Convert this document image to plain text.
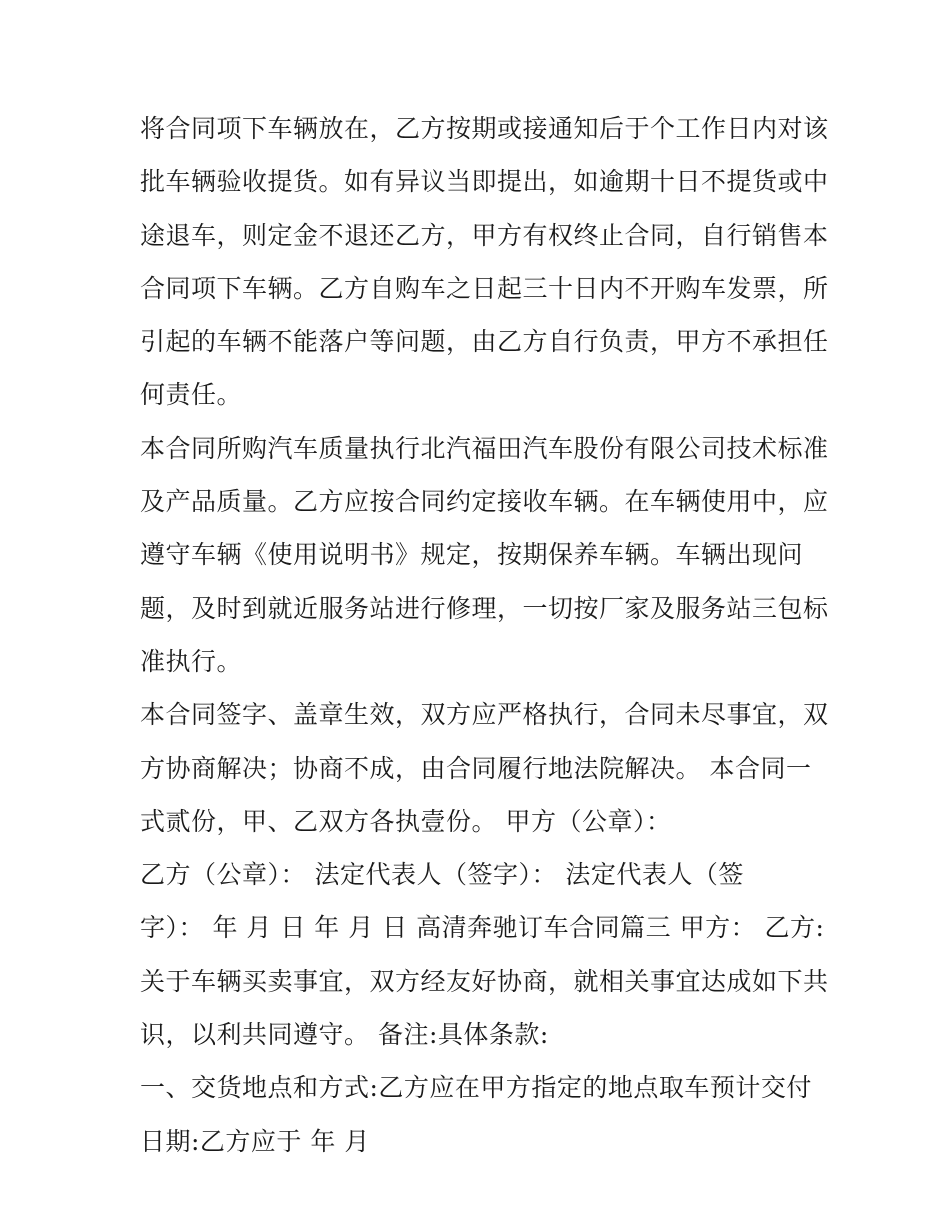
将合同项下车辆放在，乙方按期或接通知后于个工作日内对该
批车辆验收提货。如有异议当即提出，如逾期十日不提货或中
途退车，则定金不退还乙方，甲方有权终止合同，自行销售本
合同项下车辆。乙方自购车之日起三十日内不开购车发票，所
引起的车辆不能落户等问题，由乙方自行负责，甲方不承担任
何责任。
本合同所购汽车质量执行北汽福田汽车股份有限公司技术标准
及产品质量。乙方应按合同约定接收车辆。在车辆使用中，应
遵守车辆《使用说明书》规定，按期保养车辆。车辆出现问
题，及时到就近服务站进行修理，一切按厂家及服务站三包标
准执行。
本合同签字、盖章生效，双方应严格执行，合同未尽事宜，双
方协商解决；协商不成，由合同履行地法院解决。 本合同一
式贰份，甲、乙双方各执壹份。 甲方（公章）：
乙方（公章）： 法定代表人（签字）： 法定代表人（签
字）： 年 月 日 年 月 日 高清奔驰订车合同篇三 甲方： 乙方:
关于车辆买卖事宜，双方经友好协商，就相关事宜达成如下共
识，以利共同遵守。 备注:具体条款:
一、交货地点和方式:乙方应在甲方指定的地点取车预计交付
日期:乙方应于 年 月
